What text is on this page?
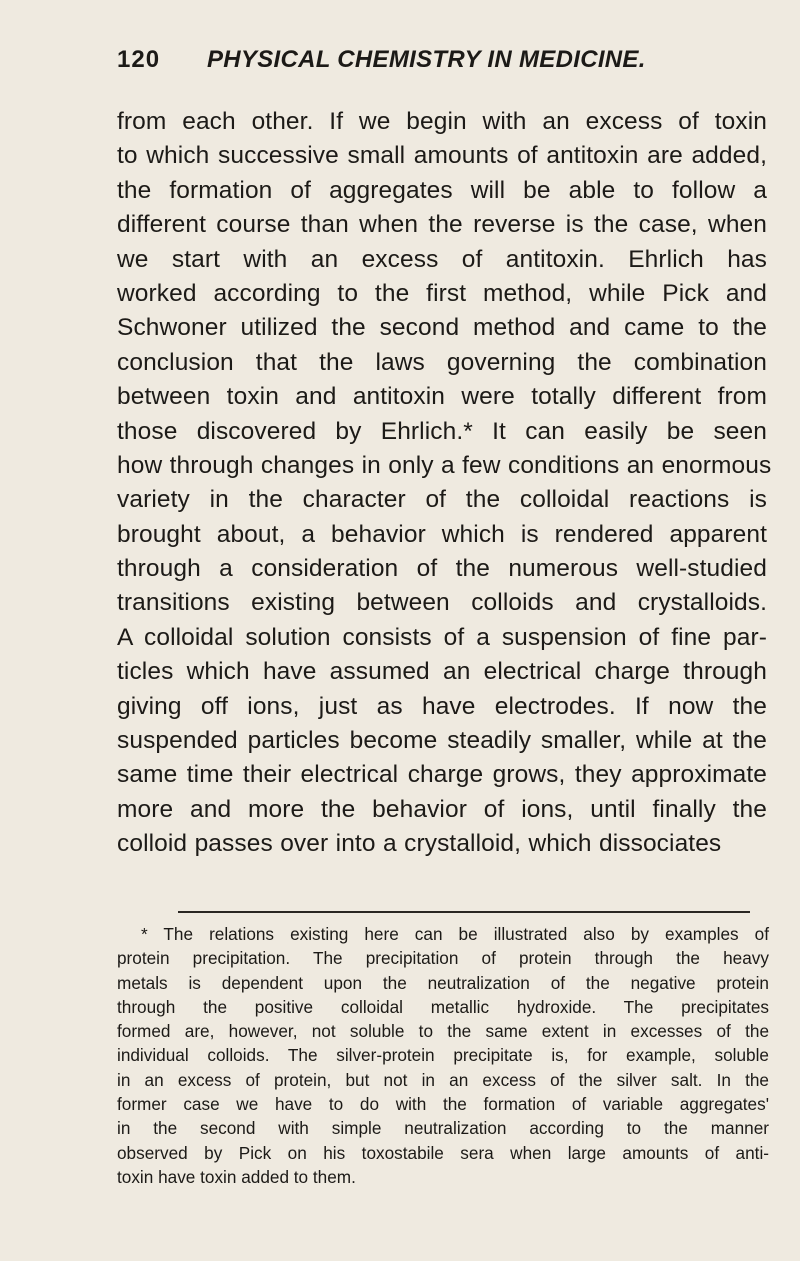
120 PHYSICAL CHEMISTRY IN MEDICINE.
from each other. If we begin with an excess of toxin
to which successive small amounts of antitoxin are added,
the formation of aggregates will be able to follow a
different course than when the reverse is the case, when
we start with an excess of antitoxin. Ehrlich has
worked according to the first method, while Pick and
Schwoner utilized the second method and came to the
conclusion that the laws governing the combination
between toxin and antitoxin were totally different from
those discovered by Ehrlich.* It can easily be seen
how through changes in only a few conditions an enormous
variety in the character of the colloidal reactions is
brought about, a behavior which is rendered apparent
through a consideration of the numerous well-studied
transitions existing between colloids and crystalloids.
A colloidal solution consists of a suspension of fine par-
ticles which have assumed an electrical charge through
giving off ions, just as have electrodes. If now the
suspended particles become steadily smaller, while at the
same time their electrical charge grows, they approximate
more and more the behavior of ions, until finally the
colloid passes over into a crystalloid, which dissociates
* The relations existing here can be illustrated also by examples of
protein precipitation. The precipitation of protein through the heavy
metals is dependent upon the neutralization of the negative protein
through the positive colloidal metallic hydroxide. The precipitates
formed are, however, not soluble to the same extent in excesses of the
individual colloids. The silver-protein precipitate is, for example, soluble
in an excess of protein, but not in an excess of the silver salt. In the
former case we have to do with the formation of variable aggregates'
in the second with simple neutralization according to the manner
observed by Pick on his toxostabile sera when large amounts of anti-
toxin have toxin added to them.
